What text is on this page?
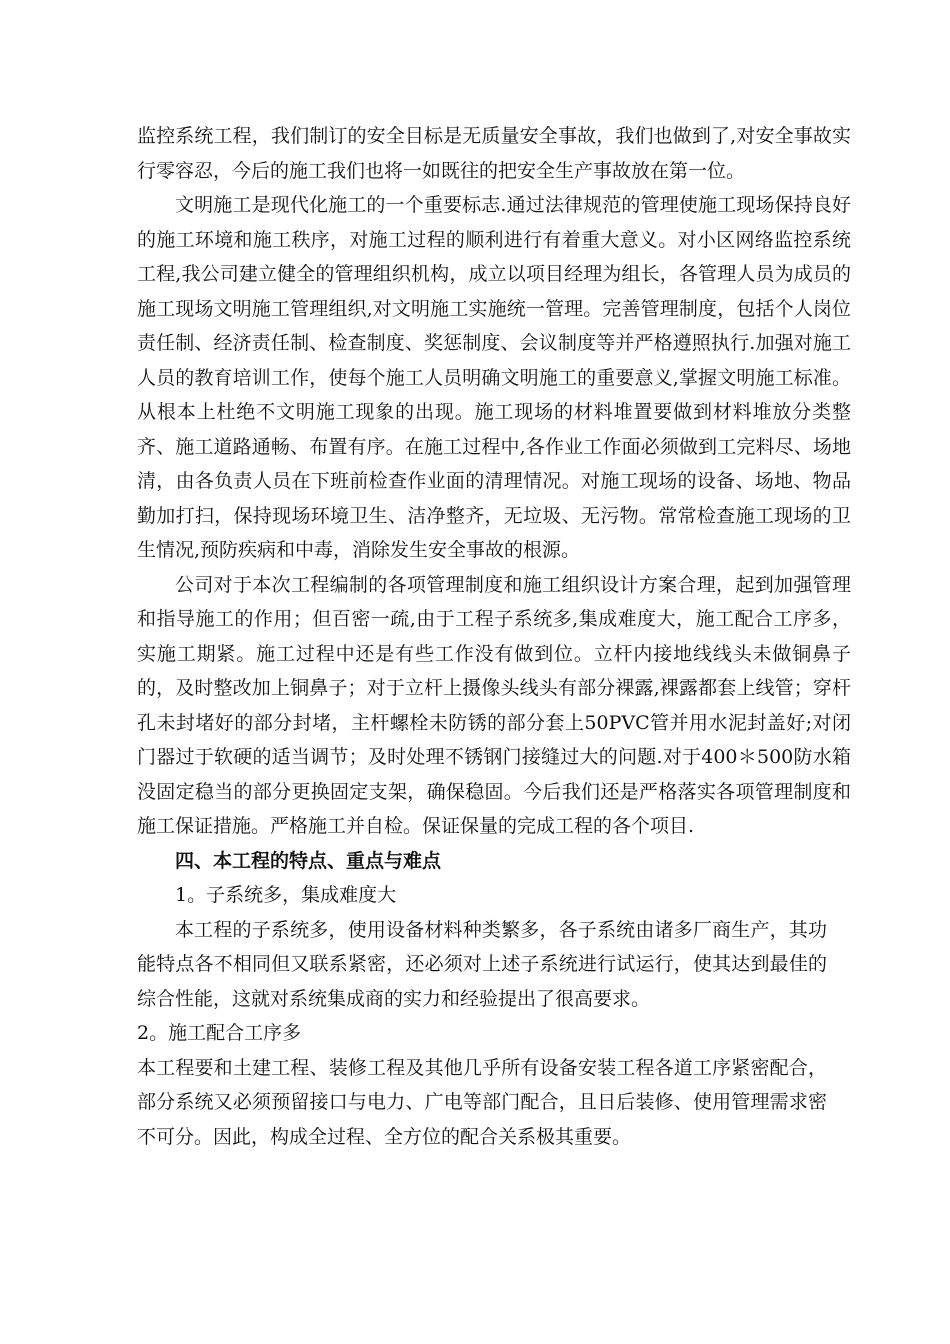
监控系统工程，我们制订的安全目标是无质量安全事故，我们也做到了,对安全事故实行零容忍，今后的施工我们也将一如既往的把安全生产事故放在第一位。

文明施工是现代化施工的一个重要标志.通过法律规范的管理使施工现场保持良好的施工环境和施工秩序，对施工过程的顺利进行有着重大意义。对小区网络监控系统工程,我公司建立健全的管理组织机构，成立以项目经理为组长，各管理人员为成员的施工现场文明施工管理组织,对文明施工实施统一管理。完善管理制度，包括个人岗位责任制、经济责任制、检查制度、奖惩制度、会议制度等并严格遵照执行.加强对施工人员的教育培训工作，使每个施工人员明确文明施工的重要意义,掌握文明施工标准。从根本上杜绝不文明施工现象的出现。施工现场的材料堆置要做到材料堆放分类整齐、施工道路通畅、布置有序。在施工过程中,各作业工作面必须做到工完料尽、场地清，由各负责人员在下班前检查作业面的清理情况。对施工现场的设备、场地、物品勤加打扫，保持现场环境卫生、洁净整齐，无垃圾、无污物。常常检查施工现场的卫生情况,预防疾病和中毒，消除发生安全事故的根源。

公司对于本次工程编制的各项管理制度和施工组织设计方案合理，起到加强管理和指导施工的作用；但百密一疏,由于工程子系统多,集成难度大，施工配合工序多，实施工期紧。施工过程中还是有些工作没有做到位。立杆内接地线线头未做铜鼻子的，及时整改加上铜鼻子；对于立杆上摄像头线头有部分裸露,裸露都套上线管；穿杆孔未封堵好的部分封堵，主杆螺栓未防锈的部分套上50PVC管并用水泥封盖好;对闭门器过于软硬的适当调节；及时处理不锈钢门接缝过大的问题.对于400＊500防水箱没固定稳当的部分更换固定支架，确保稳固。今后我们还是严格落实各项管理制度和施工保证措施。严格施工并自检。保证保量的完成工程的各个项目.

四、本工程的特点、重点与难点

1。子系统多，集成难度大

本工程的子系统多，使用设备材料种类繁多，各子系统由诸多厂商生产，其功能特点各不相同但又联系紧密，还必须对上述子系统进行试运行，使其达到最佳的综合性能，这就对系统集成商的实力和经验提出了很高要求。

2。施工配合工序多

本工程要和土建工程、装修工程及其他几乎所有设备安装工程各道工序紧密配合，部分系统又必须预留接口与电力、广电等部门配合，且日后装修、使用管理需求密不可分。因此，构成全过程、全方位的配合关系极其重要。
